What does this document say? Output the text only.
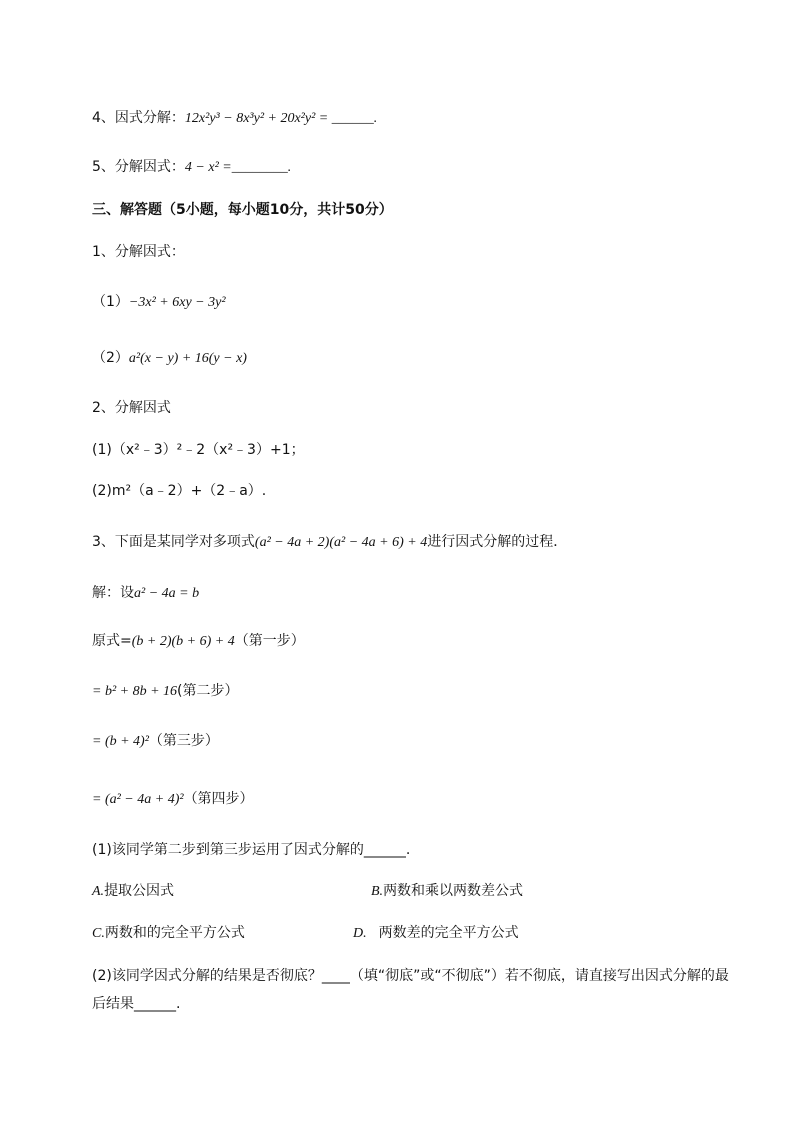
4、因式分解：12x²y³ − 8x³y² + 20x²y² = ______.
5、分解因式：4 − x² =________.
三、解答题（5小题，每小题10分，共计50分）
1、分解因式：
（1）−3x² + 6xy − 3y²
（2）a²(x − y) + 16(y − x)
2、分解因式
(1)（x²﹣3）²﹣2（x²﹣3）+1；
(2)m²（a﹣2）+（2﹣a）.
3、下面是某同学对多项式(a² − 4a + 2)(a² − 4a + 6) + 4进行因式分解的过程．
解：设a² − 4a = b
原式=(b + 2)(b + 6) + 4（第一步）
= b² + 8b + 16(第二步）
= (b + 4)²（第三步）
= (a² − 4a + 4)²（第四步）
(1)该同学第二步到第三步运用了因式分解的______.
A.提取公因式	B.两数和乘以两数差公式
C.两数和的完全平方公式	D. 两数差的完全平方公式
(2)该同学因式分解的结果是否彻底？____（填“彻底”或“不彻底”）若不彻底，请直接写出因式分解的最后结果______.
